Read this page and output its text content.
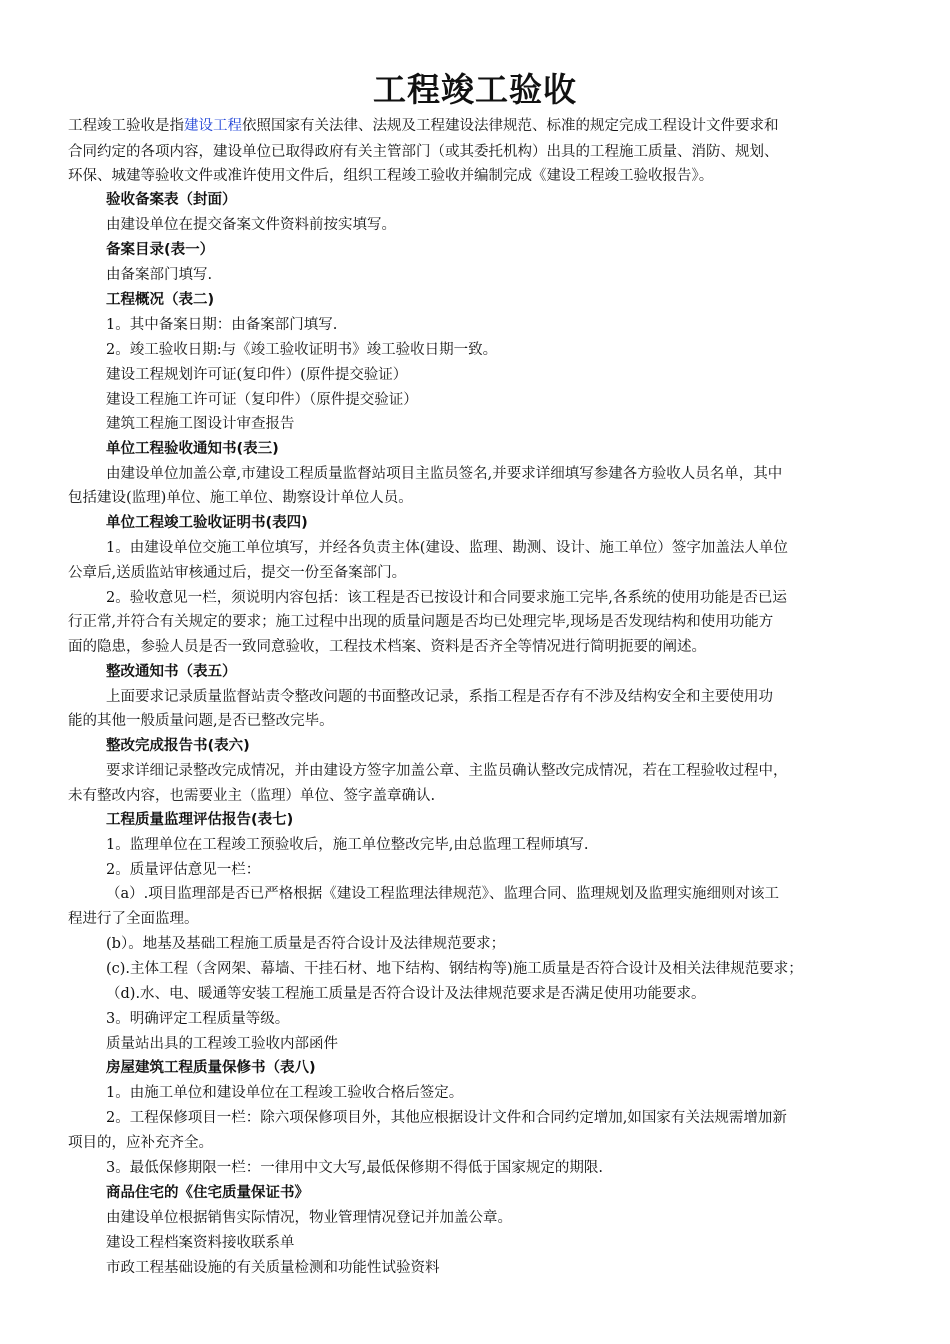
工程竣工验收
工程竣工验收是指建设工程依照国家有关法律、法规及工程建设法律规范、标准的规定完成工程设计文件要求和
合同约定的各项内容，建设单位已取得政府有关主管部门（或其委托机构）出具的工程施工质量、消防、规划、
环保、城建等验收文件或准许使用文件后，组织工程竣工验收并编制完成《建设工程竣工验收报告》。
验收备案表（封面）
由建设单位在提交备案文件资料前按实填写。
备案目录(表一）
由备案部门填写.
工程概况（表二)
1。其中备案日期：由备案部门填写.
2。竣工验收日期:与《竣工验收证明书》竣工验收日期一致。
建设工程规划许可证(复印件）(原件提交验证）
建设工程施工许可证（复印件）（原件提交验证）
建筑工程施工图设计审查报告
单位工程验收通知书(表三)
由建设单位加盖公章,市建设工程质量监督站项目主监员签名,并要求详细填写参建各方验收人员名单，其中
包括建设(监理)单位、施工单位、勘察设计单位人员。
单位工程竣工验收证明书(表四)
1。由建设单位交施工单位填写，并经各负责主体(建设、监理、勘测、设计、施工单位）签字加盖法人单位
公章后,送质监站审核通过后，提交一份至备案部门。
2。验收意见一栏，须说明内容包括：该工程是否已按设计和合同要求施工完毕,各系统的使用功能是否已运
行正常,并符合有关规定的要求；施工过程中出现的质量问题是否均已处理完毕,现场是否发现结构和使用功能方
面的隐患，参验人员是否一致同意验收，工程技术档案、资料是否齐全等情况进行简明扼要的阐述。
整改通知书（表五）
上面要求记录质量监督站责令整改问题的书面整改记录，系指工程是否存有不涉及结构安全和主要使用功
能的其他一般质量问题,是否已整改完毕。
整改完成报告书(表六)
要求详细记录整改完成情况，并由建设方签字加盖公章、主监员确认整改完成情况，若在工程验收过程中，
未有整改内容，也需要业主（监理）单位、签字盖章确认.
工程质量监理评估报告(表七)
1。监理单位在工程竣工预验收后，施工单位整改完毕,由总监理工程师填写.
2。质量评估意见一栏：
（a）.项目监理部是否已严格根据《建设工程监理法律规范》、监理合同、监理规划及监理实施细则对该工
程进行了全面监理。
(b）。地基及基础工程施工质量是否符合设计及法律规范要求；
(c).主体工程（含网架、幕墙、干挂石材、地下结构、钢结构等)施工质量是否符合设计及相关法律规范要求；
（d).水、电、暖通等安装工程施工质量是否符合设计及法律规范要求是否满足使用功能要求。
3。明确评定工程质量等级。
质量站出具的工程竣工验收内部函件
房屋建筑工程质量保修书（表八)
1。由施工单位和建设单位在工程竣工验收合格后签定。
2。工程保修项目一栏：除六项保修项目外，其他应根据设计文件和合同约定增加,如国家有关法规需增加新
项目的，应补充齐全。
3。最低保修期限一栏：一律用中文大写,最低保修期不得低于国家规定的期限.
商品住宅的《住宅质量保证书》
由建设单位根据销售实际情况，物业管理情况登记并加盖公章。
建设工程档案资料接收联系单
市政工程基础设施的有关质量检测和功能性试验资料
